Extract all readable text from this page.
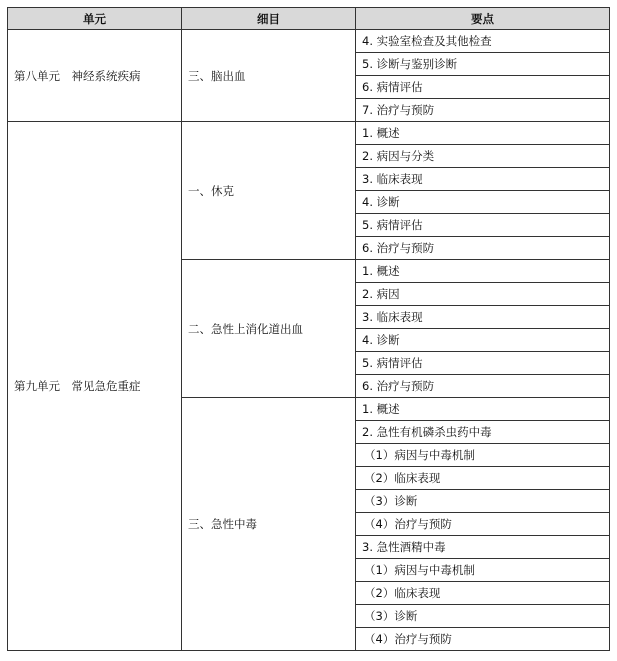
单元	细目	要点
第八单元　神经系统疾病	三、脑出血	4. 实验室检查及其他检查
		5. 诊断与鉴别诊断
		6. 病情评估
		7. 治疗与预防
第九单元　常见急危重症	一、休克	1. 概述
		2. 病因与分类
		3. 临床表现
		4. 诊断
		5. 病情评估
		6. 治疗与预防
	二、急性上消化道出血	1. 概述
		2. 病因
		3. 临床表现
		4. 诊断
		5. 病情评估
		6. 治疗与预防
	三、急性中毒	1. 概述
		2. 急性有机磷杀虫药中毒
		（1）病因与中毒机制
		（2）临床表现
		（3）诊断
		（4）治疗与预防
		3. 急性酒精中毒
		（1）病因与中毒机制
		（2）临床表现
		（3）诊断
		（4）治疗与预防
